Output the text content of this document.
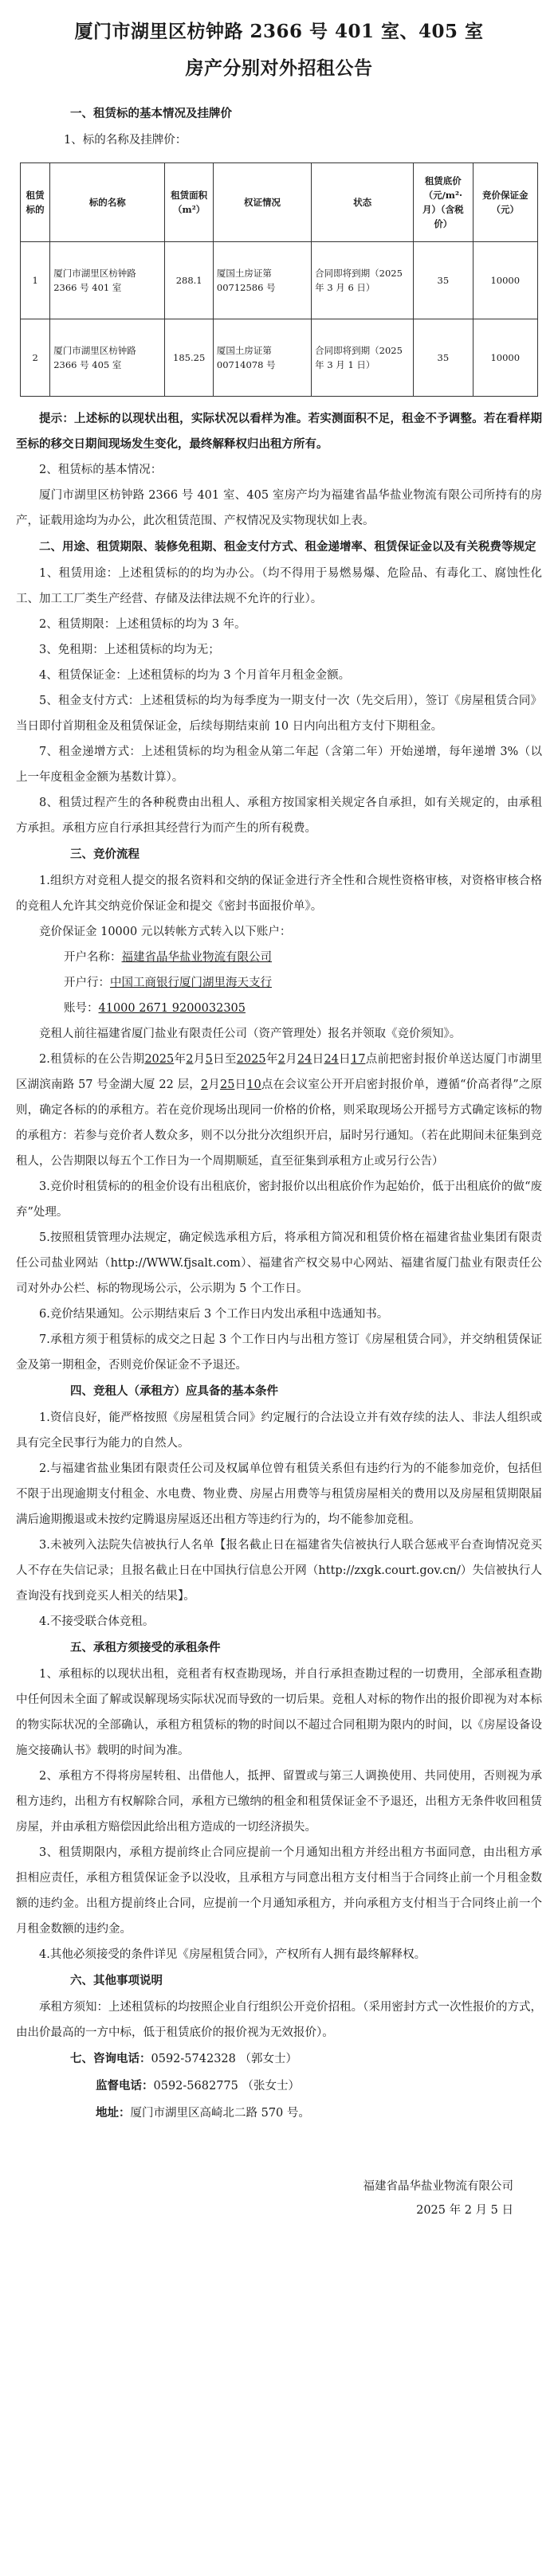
厦门市湖里区枋钟路 2366 号 401 室、405 室
房产分别对外招租公告
一、租赁标的基本情况及挂牌价

1、标的名称及挂牌价：

租赁标的	标的名称	租赁面积（m²）	权证情况	状态	租赁底价（元/m²·月）（含税价）	竞价保证金（元）
1	厦门市湖里区枋钟路 2366 号 401 室	288.1	厦国土房证第 00712586 号	合同即将到期（2025 年 3 月 6 日）	35	10000
2	厦门市湖里区枋钟路 2366 号 405 室	185.25	厦国土房证第 00714078 号	合同即将到期（2025 年 3 月 1 日）	35	10000

提示：上述标的以现状出租，实际状况以看样为准。若实测面积不足，租金不予调整。若在看样期至标的移交日期间现场发生变化，最终解释权归出租方所有。

2、租赁标的基本情况：

厦门市湖里区枋钟路 2366 号 401 室、405 室房产均为福建省晶华盐业物流有限公司所持有的房产，证载用途均为办公，此次租赁范围、产权情况及实物现状如上表。

二、用途、租赁期限、装修免租期、租金支付方式、租金递增率、租赁保证金以及有关税费等规定

1、租赁用途：上述租赁标的的均为办公。（均不得用于易燃易爆、危险品、有毒化工、腐蚀性化工、加工工厂类生产经营、存储及法律法规不允许的行业）。

2、租赁期限：上述租赁标的均为 3 年。

3、免租期：上述租赁标的均为无；

4、租赁保证金：上述租赁标的均为 3 个月首年月租金金额。

5、租金支付方式：上述租赁标的均为每季度为一期支付一次（先交后用），签订《房屋租赁合同》当日即付首期租金及租赁保证金，后续每期结束前 10 日内向出租方支付下期租金。

7、租金递增方式：上述租赁标的均为租金从第二年起（含第二年）开始递增，每年递增 3%（以上一年度租金金额为基数计算）。

8、租赁过程产生的各种税费由出租人、承租方按国家相关规定各自承担，如有关规定的，由承租方承担。承租方应自行承担其经营行为而产生的所有税费。

三、竞价流程

1.组织方对竞租人提交的报名资料和交纳的保证金进行齐全性和合规性资格审核，对资格审核合格的竞租人允许其交纳竞价保证金和提交《密封书面报价单》。

竞价保证金 10000 元以转帐方式转入以下账户：

开户名称：福建省晶华盐业物流有限公司

开户行：中国工商银行厦门湖里海天支行

账号：41000 2671 9200032305

竞租人前往福建省厦门盐业有限责任公司（资产管理处）报名并领取《竞价须知》。

2.租赁标的在公告期2025年2月5日至2025年2月24日24日17点前把密封报价单送达厦门市湖里区湖滨南路 57 号金湖大厦 22 层，2月25日10点在会议室公开开启密封报价单，遵循“价高者得”之原则，确定各标的的承租方。若在竞价现场出现同一价格的价格，则采取现场公开摇号方式确定该标的物的承租方：若参与竞价者人数众多，则不以分批分次组织开启，届时另行通知。（若在此期间未征集到竞租人，公告期限以每五个工作日为一个周期顺延，直至征集到承租方止或另行公告）

3.竞价时租赁标的的租金价设有出租底价，密封报价以出租底价作为起始价，低于出租底价的做“废弃”处理。

5.按照租赁管理办法规定，确定候选承租方后，将承租方简况和租赁价格在福建省盐业集团有限责任公司盐业网站（http://WWW.fjsalt.com）、福建省产权交易中心网站、福建省厦门盐业有限责任公司对外办公栏、标的物现场公示，公示期为 5 个工作日。

6.竞价结果通知。公示期结束后 3 个工作日内发出承租中选通知书。

7.承租方须于租赁标的成交之日起 3 个工作日内与出租方签订《房屋租赁合同》，并交纳租赁保证金及第一期租金，否则竞价保证金不予退还。

四、竞租人（承租方）应具备的基本条件

1.资信良好，能严格按照《房屋租赁合同》约定履行的合法设立并有效存续的法人、非法人组织或具有完全民事行为能力的自然人。

2.与福建省盐业集团有限责任公司及权属单位曾有租赁关系但有违约行为的不能参加竞价，包括但不限于出现逾期支付租金、水电费、物业费、房屋占用费等与租赁房屋相关的费用以及房屋租赁期限届满后逾期搬退或未按约定腾退房屋返还出租方等违约行为的，均不能参加竞租。

3.未被列入法院失信被执行人名单【报名截止日在福建省失信被执行人联合惩戒平台查询情况竞买人不存在失信记录；且报名截止日在中国执行信息公开网（http://zxgk.court.gov.cn/）失信被执行人查询没有找到竞买人相关的结果】。

4.不接受联合体竞租。

五、承租方须接受的承租条件

1、承租标的以现状出租，竞租者有权查勘现场，并自行承担查勘过程的一切费用，全部承租查勘中任何因未全面了解或误解现场实际状况而导致的一切后果。竞租人对标的物作出的报价即视为对本标的物实际状况的全部确认，承租方租赁标的物的时间以不超过合同租期为限内的时间，以《房屋设备设施交接确认书》载明的时间为准。

2、承租方不得将房屋转租、出借他人，抵押、留置或与第三人调换使用、共同使用，否则视为承租方违约，出租方有权解除合同，承租方已缴纳的租金和租赁保证金不予退还，出租方无条件收回租赁房屋，并由承租方赔偿因此给出租方造成的一切经济损失。

3、租赁期限内，承租方提前终止合同应提前一个月通知出租方并经出租方书面同意，由出租方承担相应责任，承租方租赁保证金予以没收，且承租方与同意出租方支付相当于合同终止前一个月租金数额的违约金。出租方提前终止合同，应提前一个月通知承租方，并向承租方支付相当于合同终止前一个月租金数额的违约金。

4.其他必须接受的条件详见《房屋租赁合同》，产权所有人拥有最终解释权。

六、其他事项说明

承租方须知：上述租赁标的均按照企业自行组织公开竞价招租。（采用密封方式一次性报价的方式，由出价最高的一方中标，低于租赁底价的报价视为无效报价）。

七、咨询电话：0592-5742328 （郭女士）
监督电话：0592-5682775 （张女士）
地址：厦门市湖里区高崎北二路 570 号。

福建省晶华盐业物流有限公司

2025 年 2 月 5 日
